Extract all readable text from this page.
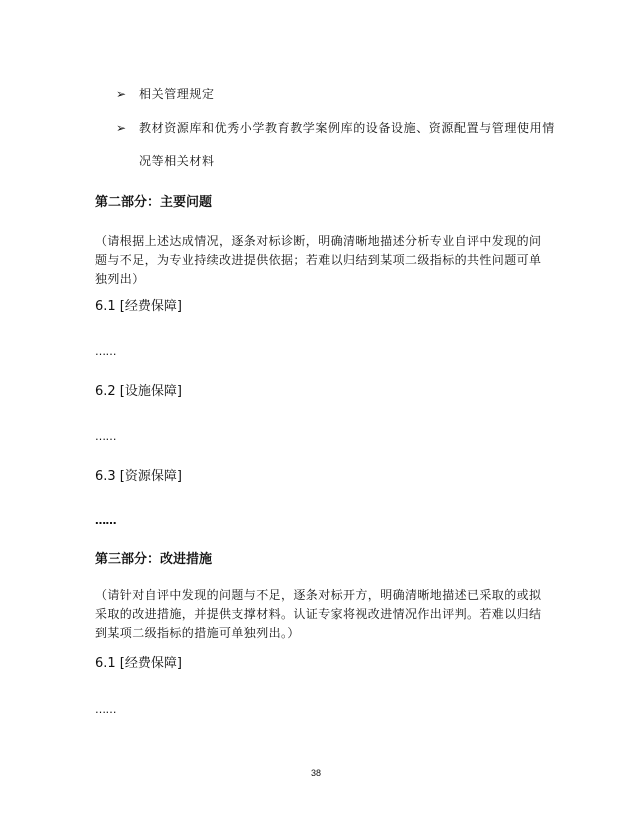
➢ 相关管理规定
➢ 教材资源库和优秀小学教育教学案例库的设备设施、资源配置与管理使用情
况等相关材料
第二部分：主要问题
（请根据上述达成情况，逐条对标诊断，明确清晰地描述分析专业自评中发现的问
题与不足，为专业持续改进提供依据；若难以归结到某项二级指标的共性问题可单
独列出）
6.1 [经费保障]
……
6.2 [设施保障]
……
6.3 [资源保障]
……
第三部分：改进措施
（请针对自评中发现的问题与不足，逐条对标开方，明确清晰地描述已采取的或拟
采取的改进措施，并提供支撑材料。认证专家将视改进情况作出评判。若难以归结
到某项二级指标的措施可单独列出。）
6.1 [经费保障]
……
38
